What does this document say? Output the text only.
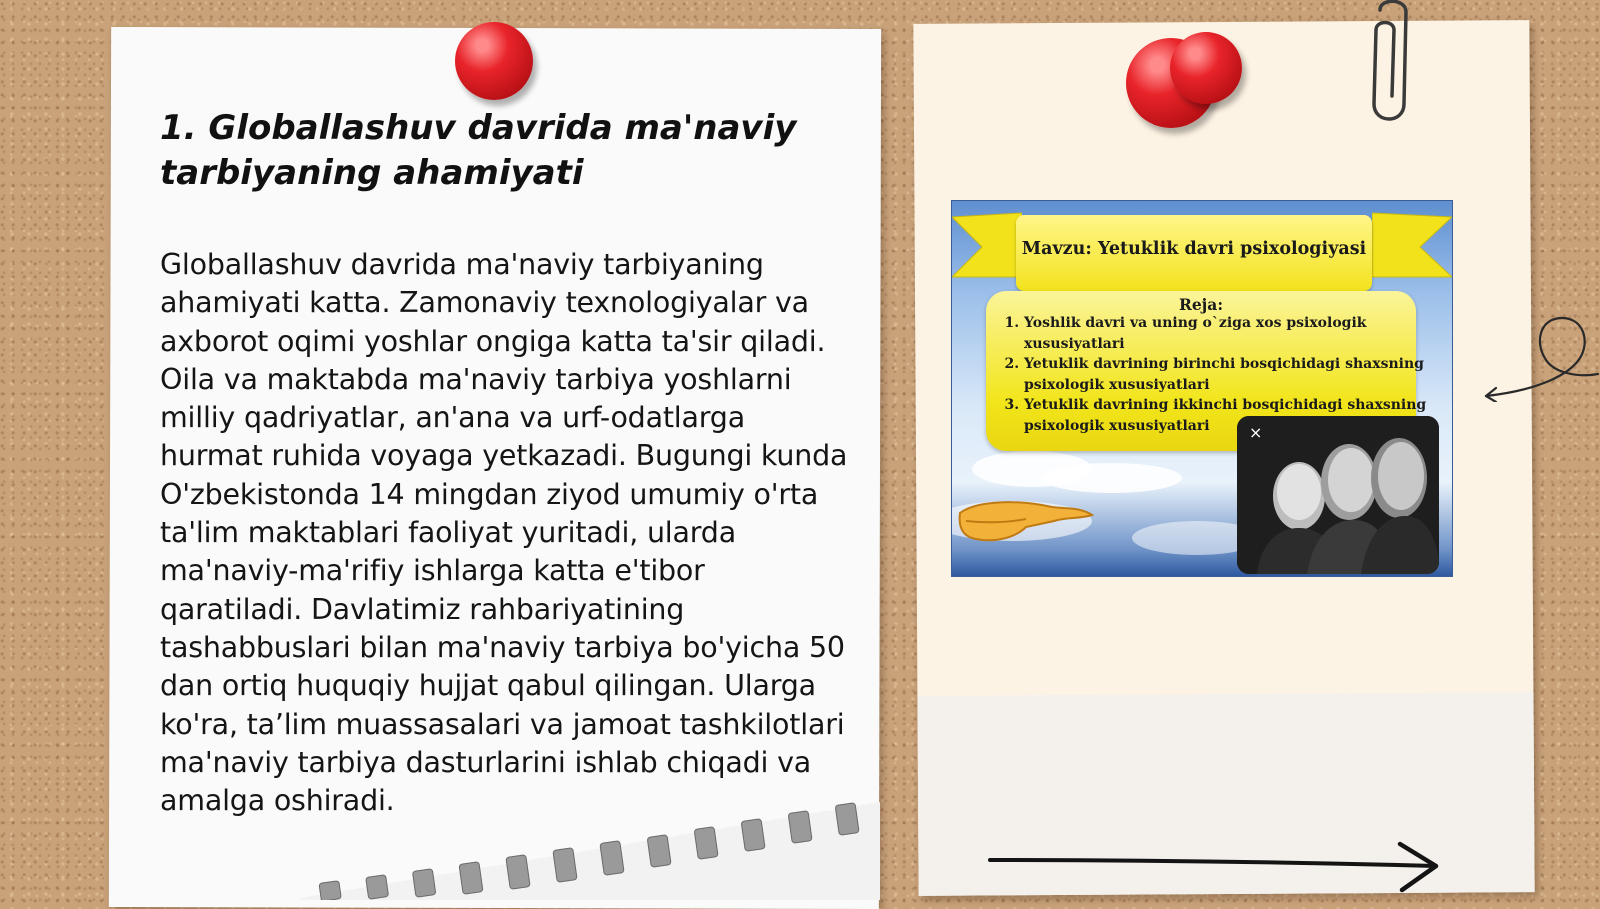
1. Globallashuv davrida ma'naviy tarbiyaning ahamiyati

Globallashuv davrida ma'naviy tarbiyaning ahamiyati katta. Zamonaviy texnologiyalar va axborot oqimi yoshlar ongiga katta ta'sir qiladi. Oila va maktabda ma'naviy tarbiya yoshlarni milliy qadriyatlar, an'ana va urf-odatlarga hurmat ruhida voyaga yetkazadi. Bugungi kunda O'zbekistonda 14 mingdan ziyod umumiy o'rta ta'lim maktablari faoliyat yuritadi, ularda ma'naviy-ma'rifiy ishlarga katta e'tibor qaratiladi. Davlatimiz rahbariyatining tashabbuslari bilan ma'naviy tarbiya bo'yicha 50 dan ortiq huquqiy hujjat qabul qilingan. Ularga ko'ra, ta’lim muassasalari va jamoat tashkilotlari ma'naviy tarbiya dasturlarini ishlab chiqadi va amalga oshiradi.

Mavzu: Yetuklik davri psixologiyasi
Reja:
1. Yoshlik davri va uning o`ziga xos psixologik xususiyatlari
2. Yetuklik davrining birinchi bosqichidagi shaxsning psixologik xususiyatlari
3. Yetuklik davrining ikkinchi bosqichidagi shaxsning psixologik xususiyatlari	×
